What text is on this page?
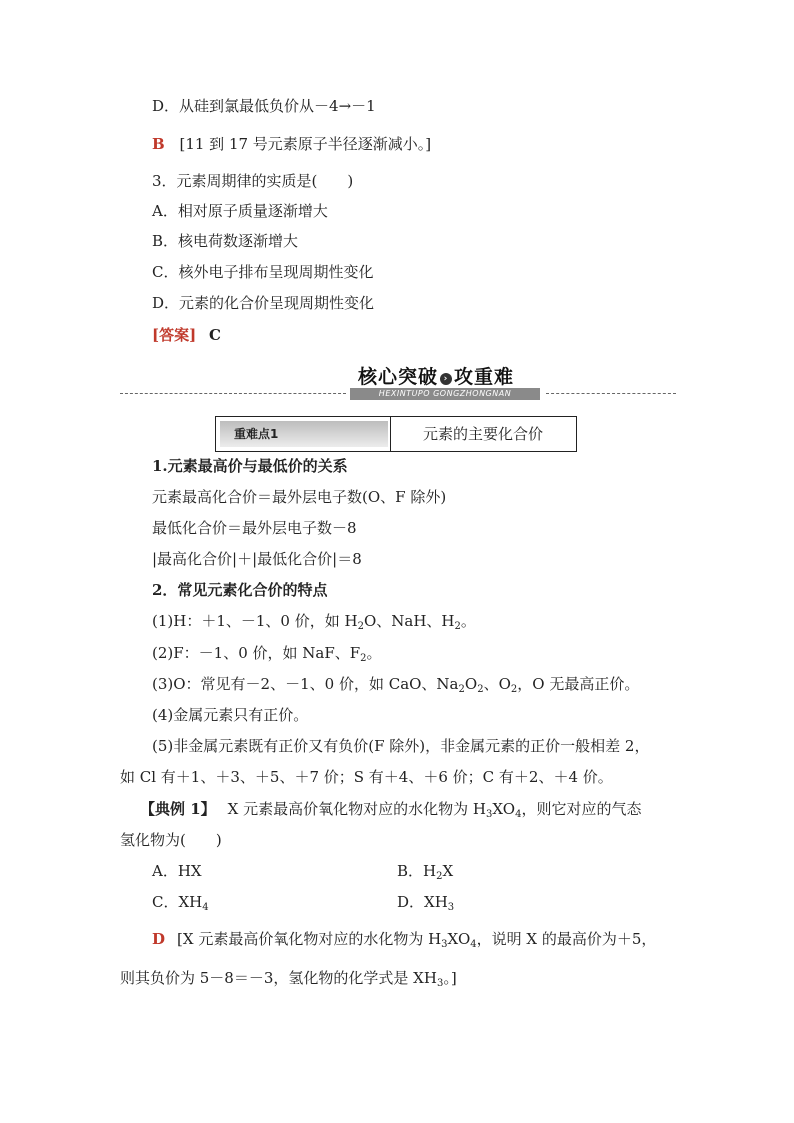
D．从硅到氯最低负价从－4→－1
B [11 到 17 号元素原子半径逐渐减小。]
3．元素周期律的实质是(　　)
A．相对原子质量逐渐增大
B．核电荷数逐渐增大
C．核外电子排布呈现周期性变化
D．元素的化合价呈现周期性变化
[答案] C
核心突破 › 攻重难
HEXINTUPO GONGZHONGNAN
重难点1	元素的主要化合价
1.元素最高价与最低价的关系
元素最高化合价＝最外层电子数(O、F 除外)
最低化合价＝最外层电子数－8
|最高化合价|＋|最低化合价|＝8
2．常见元素化合价的特点
(1)H：＋1、－1、0 价，如 $H_2O$、NaH、$H_2$。
(2)F：－1、0 价，如 NaF、$F_2$。
(3)O：常见有－2、－1、0 价，如 CaO、$Na_2O_2$、$O_2$，O 无最高正价。
(4)金属元素只有正价。
(5)非金属元素既有正价又有负价(F 除外)，非金属元素的正价一般相差 2，
如 Cl 有＋1、＋3、＋5、＋7 价；S 有＋4、＋6 价；C 有＋2、＋4 价。
【典例 1】 X 元素最高价氧化物对应的水化物为 $H_3XO_4$，则它对应的气态
氢化物为(　　)
A．HX	B．$H_2X$
C．$XH_4$	D．$XH_3$
D [X 元素最高价氧化物对应的水化物为 $H_3XO_4$，说明 X 的最高价为＋5，
则其负价为 5－8＝－3，氢化物的化学式是 $XH_3$。]
